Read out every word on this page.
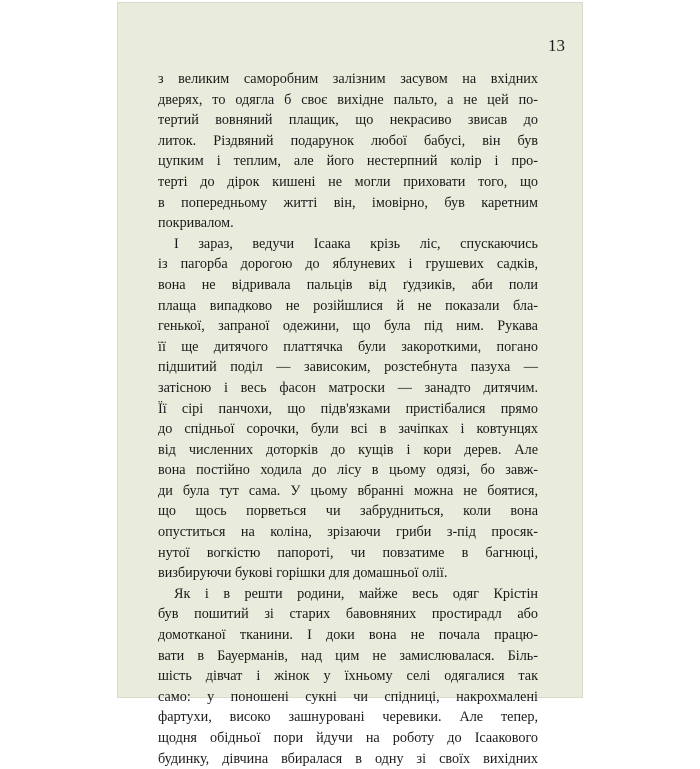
13
з великим саморобним залізним засувом на вхідних
дверях, то одягла б своє вихідне пальто, а не цей по-
тертий вовняний плащик, що некрасиво звисав до
литок. Різдвяний подарунок любої бабусі, він був
цупким і теплим, але його нестерпний колір і про-
терті до дірок кишені не могли приховати того, що
в попередньому житті він, імовірно, був каретним
покривалом.
І зараз, ведучи Ісаака крізь ліс, спускаючись
із пагорба дорогою до яблуневих і грушевих садків,
вона не відривала пальців від ґудзиків, аби поли
плаща випадково не розійшлися й не показали бла-
генької, запраної одежини, що була під ним. Рукава
її ще дитячого платтячка були закороткими, погано
підшитий поділ — зависоким, розстебнута пазуха —
затісною і весь фасон матроски — занадто дитячим.
Її сірі панчохи, що підв'язками пристібалися прямо
до спідньої сорочки, були всі в зачіпках і ковтунцях
від численних доторків до кущів і кори дерев. Але
вона постійно ходила до лісу в цьому одязі, бо завж-
ди була тут сама. У цьому вбранні можна не боятися,
що щось порветься чи забрудниться, коли вона
опуститься на коліна, зрізаючи гриби з-під просяк-
нутої вогкістю папороті, чи повзатиме в багнюці,
визбируючи букові горішки для домашньої олії.
Як і в решти родини, майже весь одяг Крістін
був пошитий зі старих бавовняних простирадл або
домотканої тканини. І доки вона не почала працю-
вати в Бауерманів, над цим не замислювалася. Біль-
шість дівчат і жінок у їхньому селі одягалися так
само: у поношені сукні чи спідниці, накрохмалені
фартухи, високо зашнуровані черевики. Але тепер,
щодня обідньої пори йдучи на роботу до Ісаакового
будинку, дівчина вбиралася в одну зі своїх вихідних
